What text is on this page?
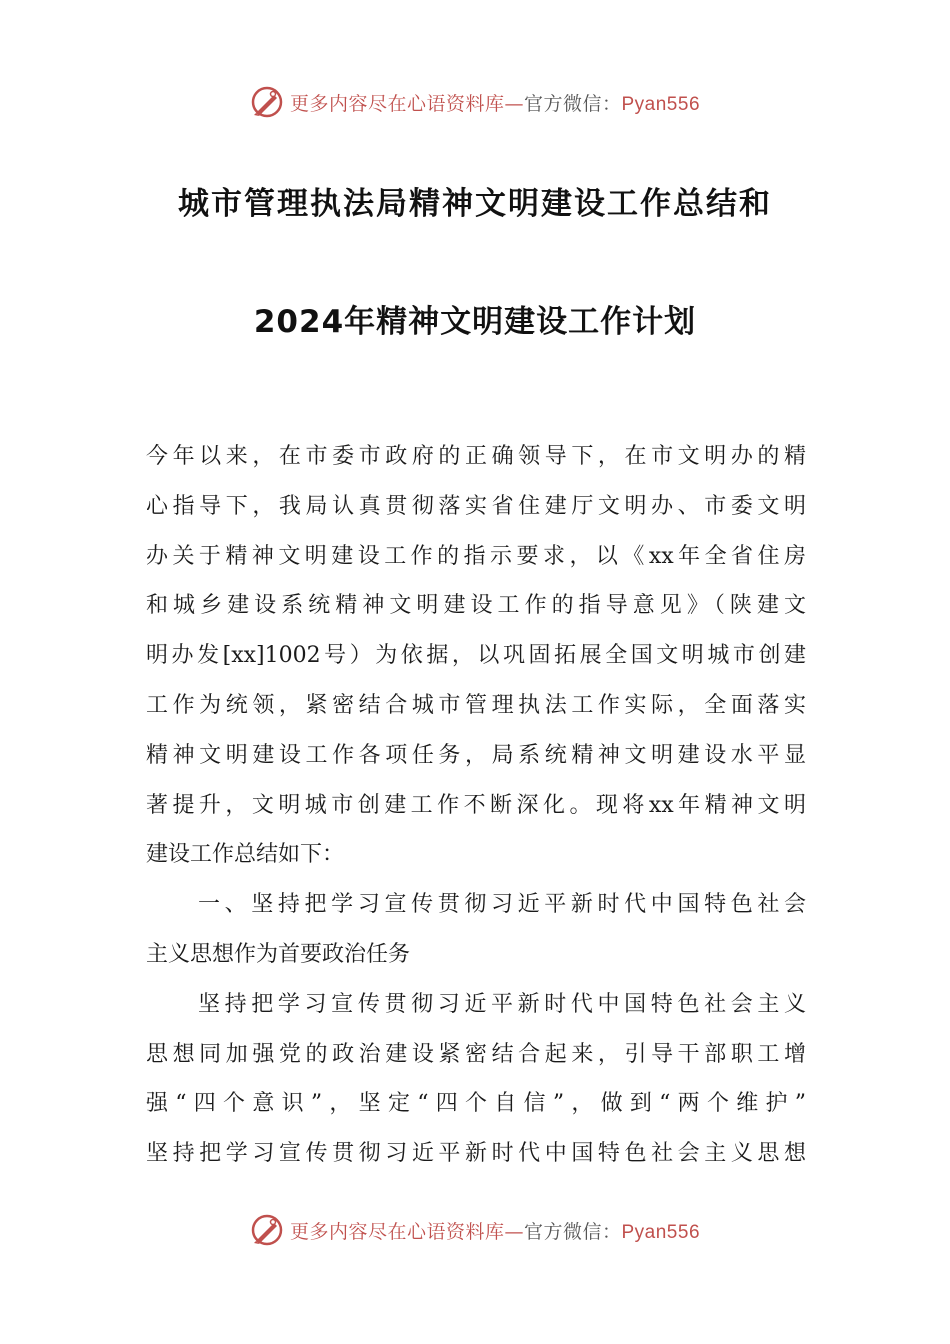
更多内容尽在心语资料库—官方微信：Pyan556
城市管理执法局精神文明建设工作总结和
2024年精神文明建设工作计划
今年以来，在市委市政府的正确领导下，在市文明办的精
心指导下，我局认真贯彻落实省住建厅文明办、市委文明
办关于精神文明建设工作的指示要求，以《xx年全省住房
和城乡建设系统精神文明建设工作的指导意见》（陕建文
明办发[xx]1002号）为依据，以巩固拓展全国文明城市创建
工作为统领，紧密结合城市管理执法工作实际，全面落实
精神文明建设工作各项任务，局系统精神文明建设水平显
著提升，文明城市创建工作不断深化。现将xx年精神文明
建设工作总结如下：
一、坚持把学习宣传贯彻习近平新时代中国特色社会
主义思想作为首要政治任务
坚持把学习宣传贯彻习近平新时代中国特色社会主义
思想同加强党的政治建设紧密结合起来，引导干部职工增
强“四个意识”，坚定“四个自信”，做到“两个维护”
坚持把学习宣传贯彻习近平新时代中国特色社会主义思想
更多内容尽在心语资料库—官方微信：Pyan556
